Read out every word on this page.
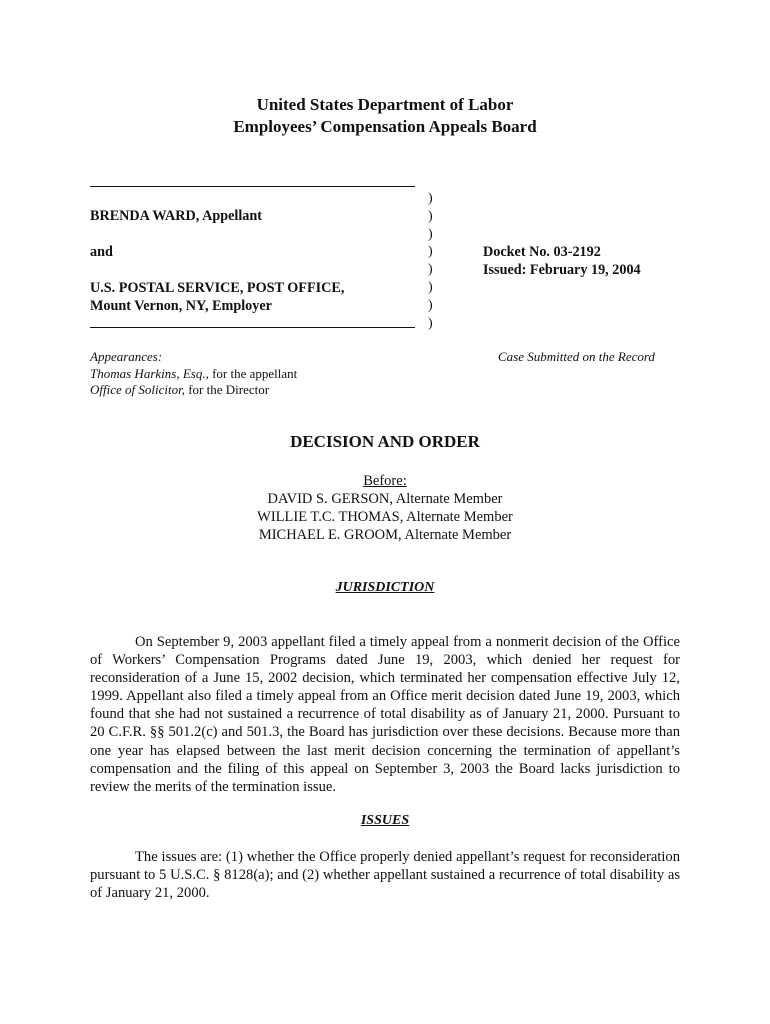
United States Department of Labor
Employees’ Compensation Appeals Board
BRENDA WARD, Appellant
and
U.S. POSTAL SERVICE, POST OFFICE,
Mount Vernon, NY, Employer
)
)
)
)
)
)
)
)
Docket No. 03-2192
Issued: February 19, 2004
Appearances:
Thomas Harkins, Esq., for the appellant
Office of Solicitor, for the Director
Case Submitted on the Record
DECISION AND ORDER
Before:
DAVID S. GERSON, Alternate Member
WILLIE T.C. THOMAS, Alternate Member
MICHAEL E. GROOM, Alternate Member
JURISDICTION
On September 9, 2003 appellant filed a timely appeal from a nonmerit decision of the Office of Workers’ Compensation Programs dated June 19, 2003, which denied her request for reconsideration of a June 15, 2002 decision, which terminated her compensation effective July 12, 1999. Appellant also filed a timely appeal from an Office merit decision dated June 19, 2003, which found that she had not sustained a recurrence of total disability as of January 21, 2000. Pursuant to 20 C.F.R. §§ 501.2(c) and 501.3, the Board has jurisdiction over these decisions. Because more than one year has elapsed between the last merit decision concerning the termination of appellant’s compensation and the filing of this appeal on September 3, 2003 the Board lacks jurisdiction to review the merits of the termination issue.
ISSUES
The issues are: (1) whether the Office properly denied appellant’s request for reconsideration pursuant to 5 U.S.C. § 8128(a); and (2) whether appellant sustained a recurrence of total disability as of January 21, 2000.
